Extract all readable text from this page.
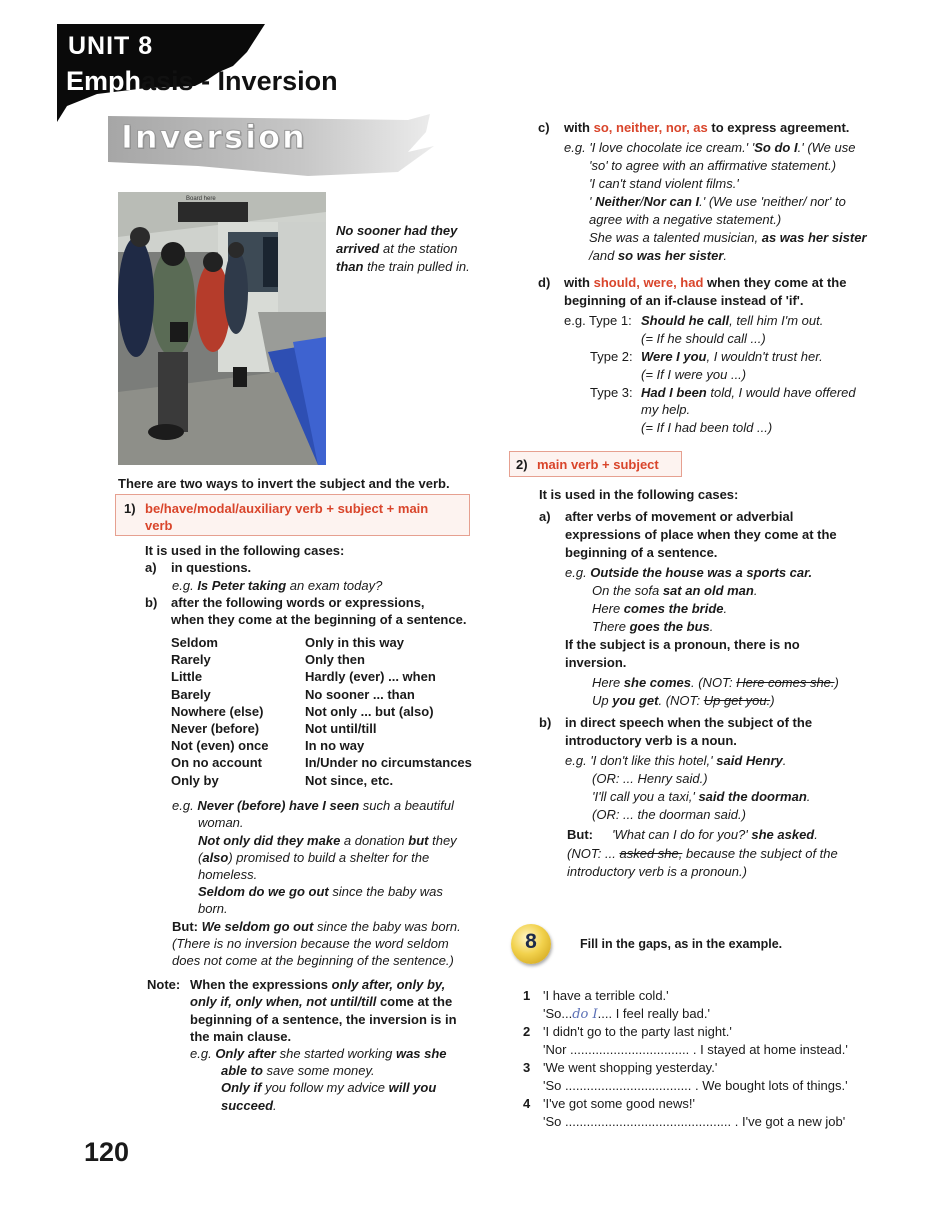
UNIT 8
Emphasis - Inversion
Inversion
Board here
No sooner had they arrived at the station than the train pulled in.
There are two ways to invert the subject and the verb.
1) be/have/modal/auxiliary verb + subject + main
verb
It is used in the following cases:
a) in questions.
e.g. Is Peter taking an exam today?
b) after the following words or expressions,
when they come at the beginning of a sentence.
Seldom
Rarely
Little
Barely
Nowhere (else)
Never (before)
Not (even) once
On no account
Only by
Only in this way
Only then
Hardly (ever) ... when
No sooner ... than
Not only ... but (also)
Not until/till
In no way
In/Under no circumstances
Not since, etc.
e.g. Never (before) have I seen such a beautiful
woman.
Not only did they make a donation but they
(also) promised to build a shelter for the
homeless.
Seldom do we go out since the baby was
born.
But: We seldom go out since the baby was born.
(There is no inversion because the word seldom
does not come at the beginning of the sentence.)
Note: When the expressions only after, only by,
only if, only when, not until/till come at the
beginning of a sentence, the inversion is in
the main clause.
e.g. Only after she started working was she
able to save some money.
Only if you follow my advice will you
succeed.
120
c) with so, neither, nor, as to express agreement.
e.g. 'I love chocolate ice cream.' 'So do I.' (We use
'so' to agree with an affirmative statement.)
'I can't stand violent films.'
' Neither/Nor can I.' (We use 'neither/ nor' to
agree with a negative statement.)
She was a talented musician, as was her sister
/and so was her sister.
d) with should, were, had when they come at the
beginning of an if-clause instead of 'if'.
e.g. Type 1: Should he call, tell him I'm out.
(= If he should call ...)
Type 2: Were I you, I wouldn't trust her.
(= If I were you ...)
Type 3: Had I been told, I would have offered
my help.
(= If I had been told ...)
2) main verb + subject
It is used in the following cases:
a) after verbs of movement or adverbial
expressions of place when they come at the
beginning of a sentence.
e.g. Outside the house was a sports car.
On the sofa sat an old man.
Here comes the bride.
There goes the bus.
If the subject is a pronoun, there is no
inversion.
Here she comes. (NOT: Here comes she.)
Up you get. (NOT: Up get you.)
b) in direct speech when the subject of the
introductory verb is a noun.
e.g. 'I don't like this hotel,' said Henry.
(OR: ... Henry said.)
'I'll call you a taxi,' said the doorman.
(OR: ... the doorman said.)
But: 'What can I do for you?' she asked.
(NOT: ... asked she, because the subject of the
introductory verb is a pronoun.)
8	Fill in the gaps, as in the example.
1 'I have a terrible cold.'
'So...do I.... I feel really bad.'
2 'I didn't go to the party last night.'
'Nor ................................. . I stayed at home instead.'
3 'We went shopping yesterday.'
'So ................................... . We bought lots of things.'
4 'I've got some good news!'
'So .............................................. . I've got a new job'
